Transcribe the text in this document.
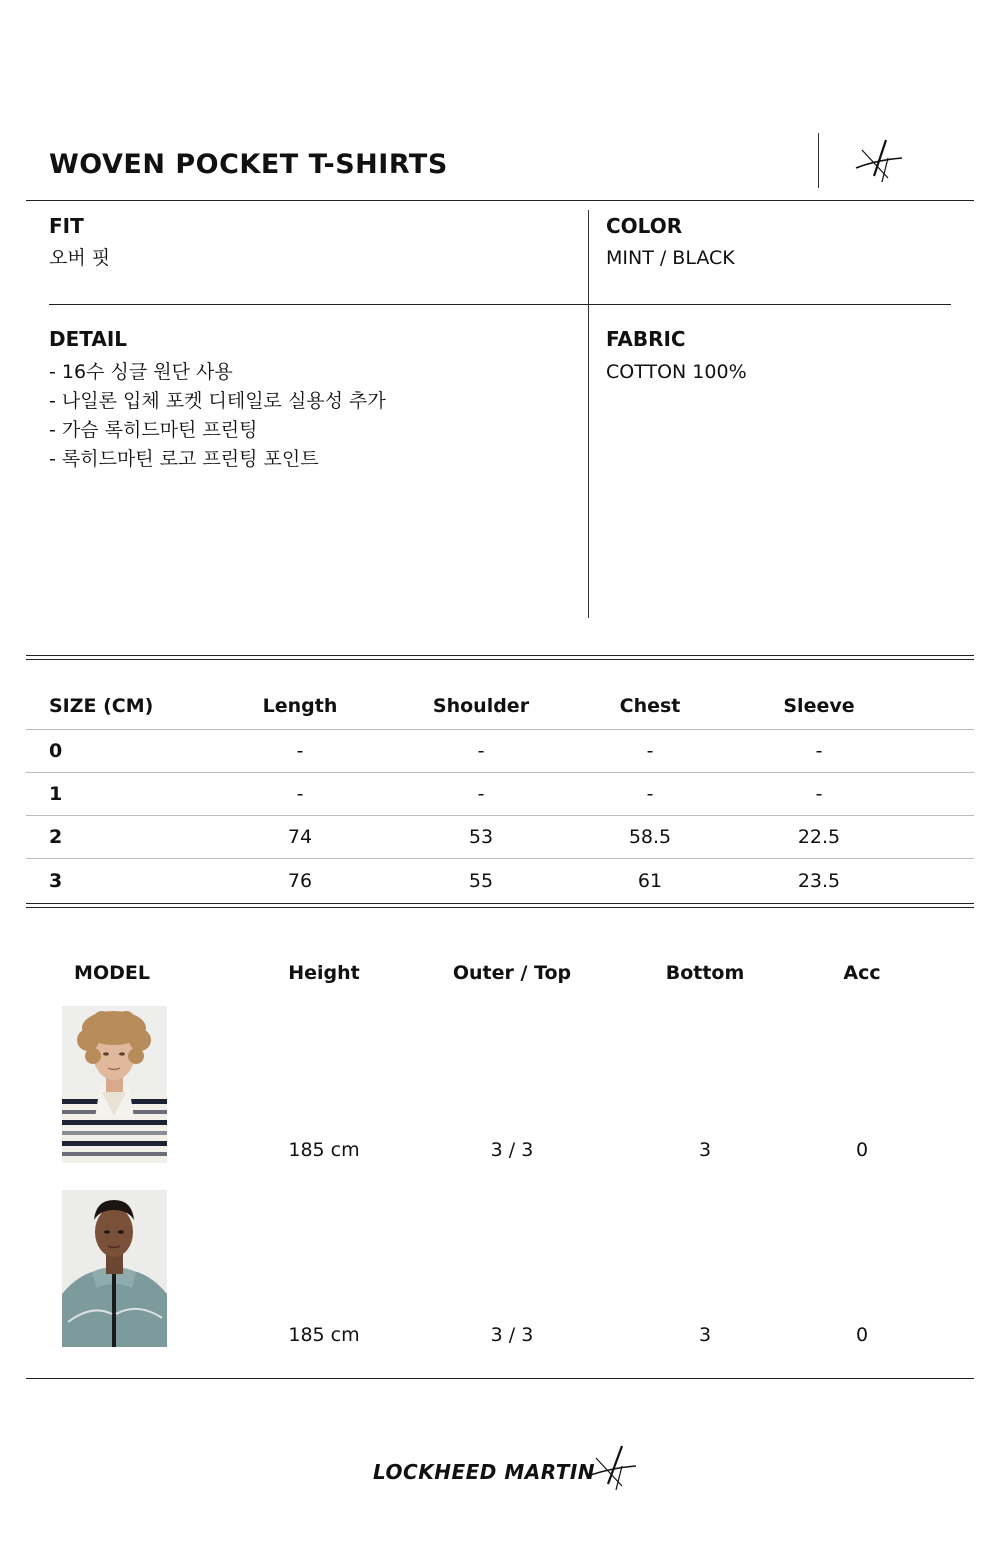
WOVEN POCKET T-SHIRTS
FIT
오버 핏
COLOR
MINT / BLACK
DETAIL
- 16수 싱글 원단 사용
- 나일론 입체 포켓 디테일로 실용성 추가
- 가슴 록히드마틴 프린팅
- 록히드마틴 로고 프린팅 포인트
FABRIC
COTTON 100%
SIZE (CM)	Length	Shoulder	Chest	Sleeve
0	-	-	-	-
1	-	-	-	-
2	74	53	58.5	22.5
3	76	55	61	23.5
MODEL	Height	Outer / Top	Bottom	Acc
185 cm	3 / 3	3	0
185 cm	3 / 3	3	0
LOCKHEED MARTIN
